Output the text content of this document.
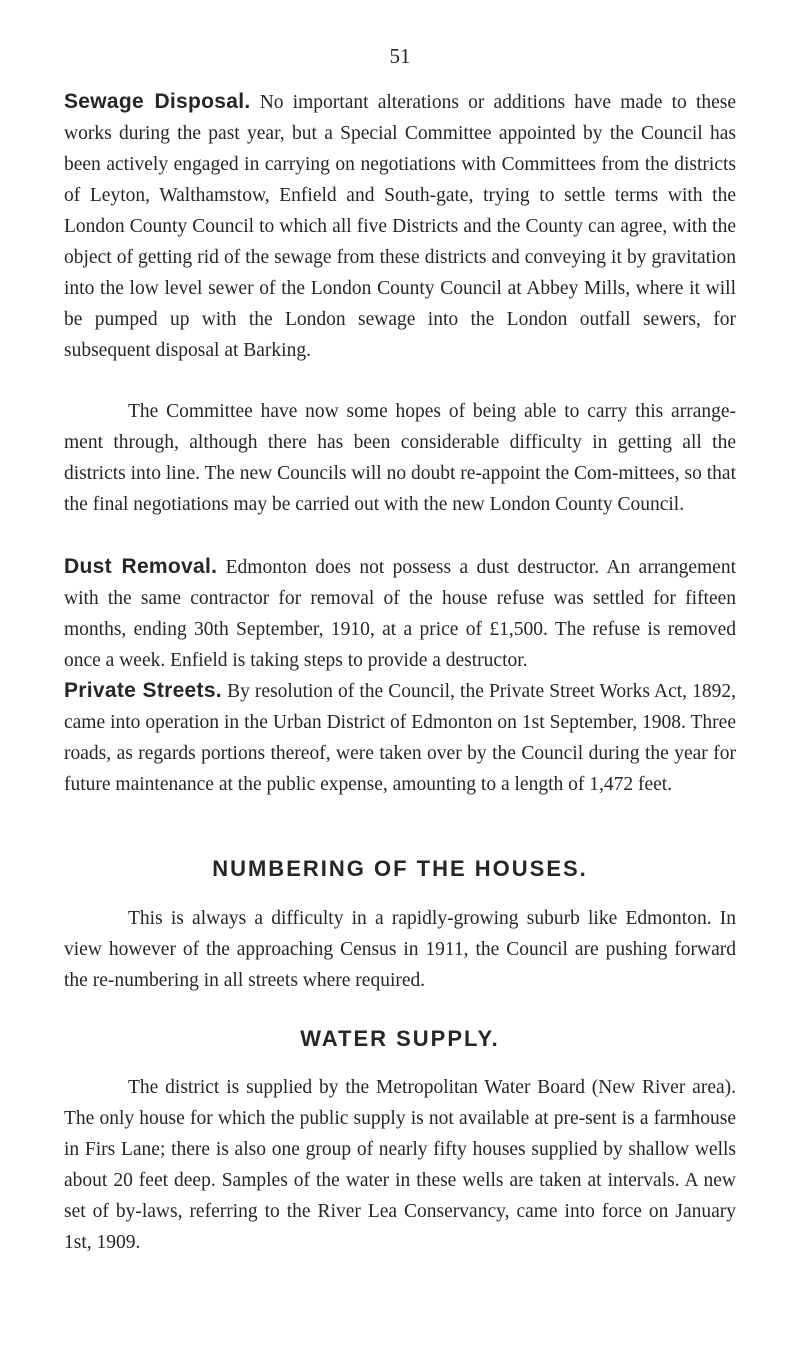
51

Sewage Disposal. No important alterations or additions have made to these works during the past year, but a Special Committee appointed by the Council has been actively engaged in carrying on negotiations with Committees from the districts of Leyton, Walthamstow, Enfield and South-gate, trying to settle terms with the London County Council to which all five Districts and the County can agree, with the object of getting rid of the sewage from these districts and conveying it by gravitation into the low level sewer of the London County Council at Abbey Mills, where it will be pumped up with the London sewage into the London outfall sewers, for subsequent disposal at Barking.

The Committee have now some hopes of being able to carry this arrange-ment through, although there has been considerable difficulty in getting all the districts into line. The new Councils will no doubt re-appoint the Com-mittees, so that the final negotiations may be carried out with the new London County Council.

Dust Removal. Edmonton does not possess a dust destructor. An arrangement with the same contractor for removal of the house refuse was settled for fifteen months, ending 30th September, 1910, at a price of £1,500. The refuse is removed once a week. Enfield is taking steps to provide a destructor.

Private Streets. By resolution of the Council, the Private Street Works Act, 1892, came into operation in the Urban District of Edmonton on 1st September, 1908. Three roads, as regards portions thereof, were taken over by the Council during the year for future maintenance at the public expense, amounting to a length of 1,472 feet.

NUMBERING OF THE HOUSES.

This is always a difficulty in a rapidly-growing suburb like Edmonton. In view however of the approaching Census in 1911, the Council are pushing forward the re-numbering in all streets where required.

WATER SUPPLY.

The district is supplied by the Metropolitan Water Board (New River area). The only house for which the public supply is not available at pre-sent is a farmhouse in Firs Lane; there is also one group of nearly fifty houses supplied by shallow wells about 20 feet deep. Samples of the water in these wells are taken at intervals. A new set of by-laws, referring to the River Lea Conservancy, came into force on January 1st, 1909.
